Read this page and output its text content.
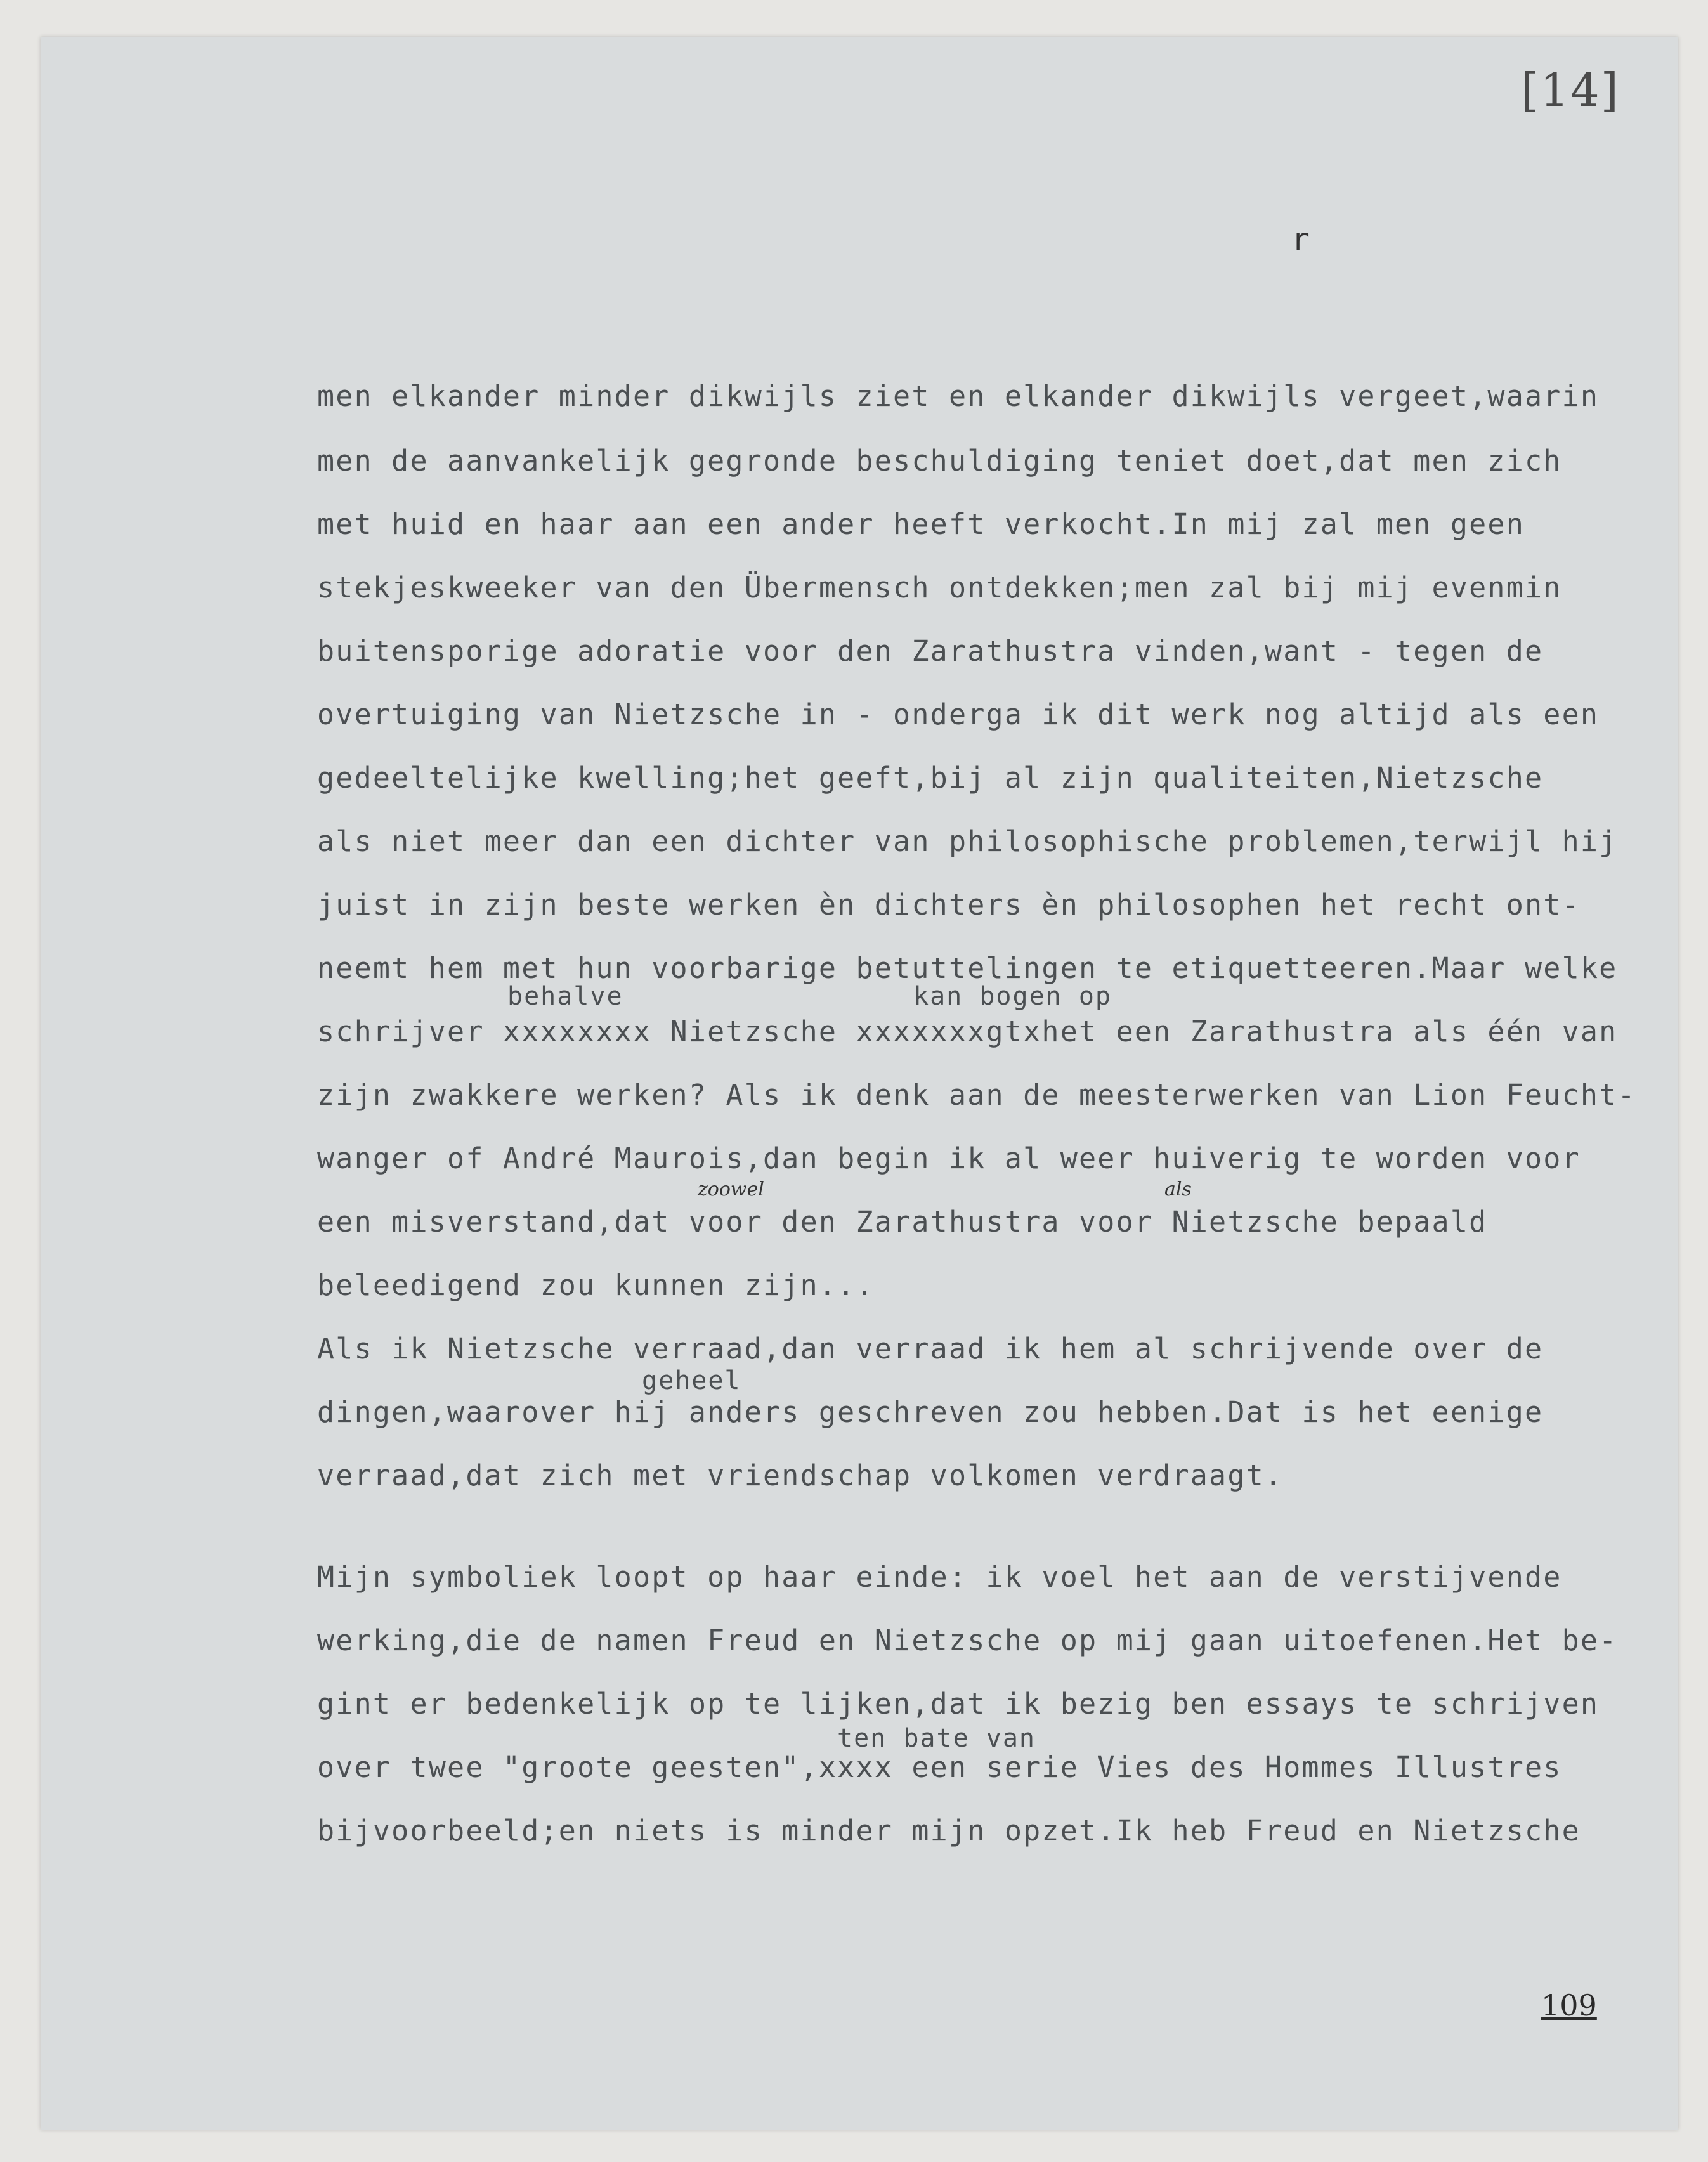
[14]
r
men elkander minder dikwijls ziet en elkander dikwijls vergeet,waarin
men de aanvankelijk gegronde beschuldiging teniet doet,dat men zich
met huid en haar aan een ander heeft verkocht.In mij zal men geen
stekjeskweeker van den Übermensch ontdekken;men zal bij mij evenmin
buitensporige adoratie voor den Zarathustra vinden,want - tegen de
overtuiging van Nietzsche in - onderga ik dit werk nog altijd als een
gedeeltelijke kwelling;het geeft,bij al zijn qualiteiten,Nietzsche
als niet meer dan een dichter van philosophische problemen,terwijl hij
juist in zijn beste werken èn dichters èn philosophen het recht ont-
neemt hem met hun voorbarige betuttelingen te etiquetteeren.Maar welke
behalve	kan bogen op
schrijver xxxxxxxx Nietzsche xxxxxxxgtxhet een Zarathustra als één van
zijn zwakkere werken? Als ik denk aan de meesterwerken van Lion Feucht-
wanger of André Maurois,dan begin ik al weer huiverig te worden voor
zoowel	als
een misverstand,dat voor den Zarathustra voor Nietzsche bepaald
beleedigend zou kunnen zijn...
Als ik Nietzsche verraad,dan verraad ik hem al schrijvende over de
geheel
dingen,waarover hij anders geschreven zou hebben.Dat is het eenige
verraad,dat zich met vriendschap volkomen verdraagt.
Mijn symboliek loopt op haar einde: ik voel het aan de verstijvende
werking,die de namen Freud en Nietzsche op mij gaan uitoefenen.Het be-
gint er bedenkelijk op te lijken,dat ik bezig ben essays te schrijven
ten bate van
over twee "groote geesten",xxxx een serie Vies des Hommes Illustres
bijvoorbeeld;en niets is minder mijn opzet.Ik heb Freud en Nietzsche
109
